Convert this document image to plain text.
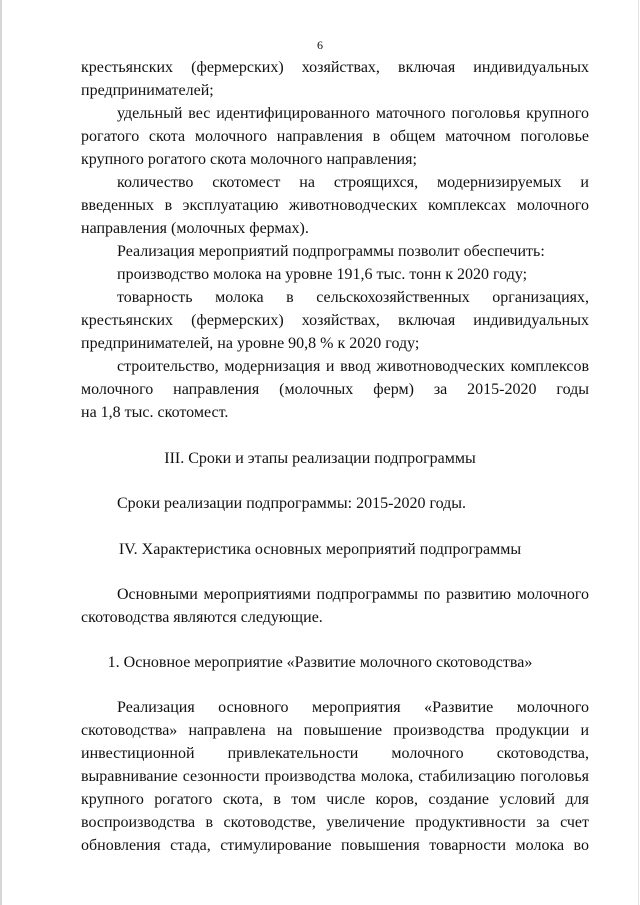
6
крестьянских (фермерских) хозяйствах, включая индивидуальных
предпринимателей;
удельный вес идентифицированного маточного поголовья крупного
рогатого скота молочного направления в общем маточном поголовье
крупного рогатого скота молочного направления;
количество скотомест на строящихся, модернизируемых и
введенных в эксплуатацию животноводческих комплексах молочного
направления (молочных фермах).
Реализация мероприятий подпрограммы позволит обеспечить:
производство молока на уровне 191,6 тыс. тонн к 2020 году;
товарность молока в сельскохозяйственных организациях,
крестьянских (фермерских) хозяйствах, включая индивидуальных
предпринимателей, на уровне 90,8 % к 2020 году;
строительство, модернизация и ввод животноводческих комплексов
молочного направления (молочных ферм) за 2015-2020 годы
на 1,8 тыс. скотомест.
III. Сроки и этапы реализации подпрограммы
Сроки реализации подпрограммы: 2015-2020 годы.
IV. Характеристика основных мероприятий подпрограммы
Основными мероприятиями подпрограммы по развитию молочного
скотоводства являются следующие.
1. Основное мероприятие «Развитие молочного скотоводства»
Реализация основного мероприятия «Развитие молочного
скотоводства» направлена на повышение производства продукции и
инвестиционной привлекательности молочного скотоводства,
выравнивание сезонности производства молока, стабилизацию поголовья
крупного рогатого скота, в том числе коров, создание условий для
воспроизводства в скотоводстве, увеличение продуктивности за счет
обновления стада, стимулирование повышения товарности молока во
